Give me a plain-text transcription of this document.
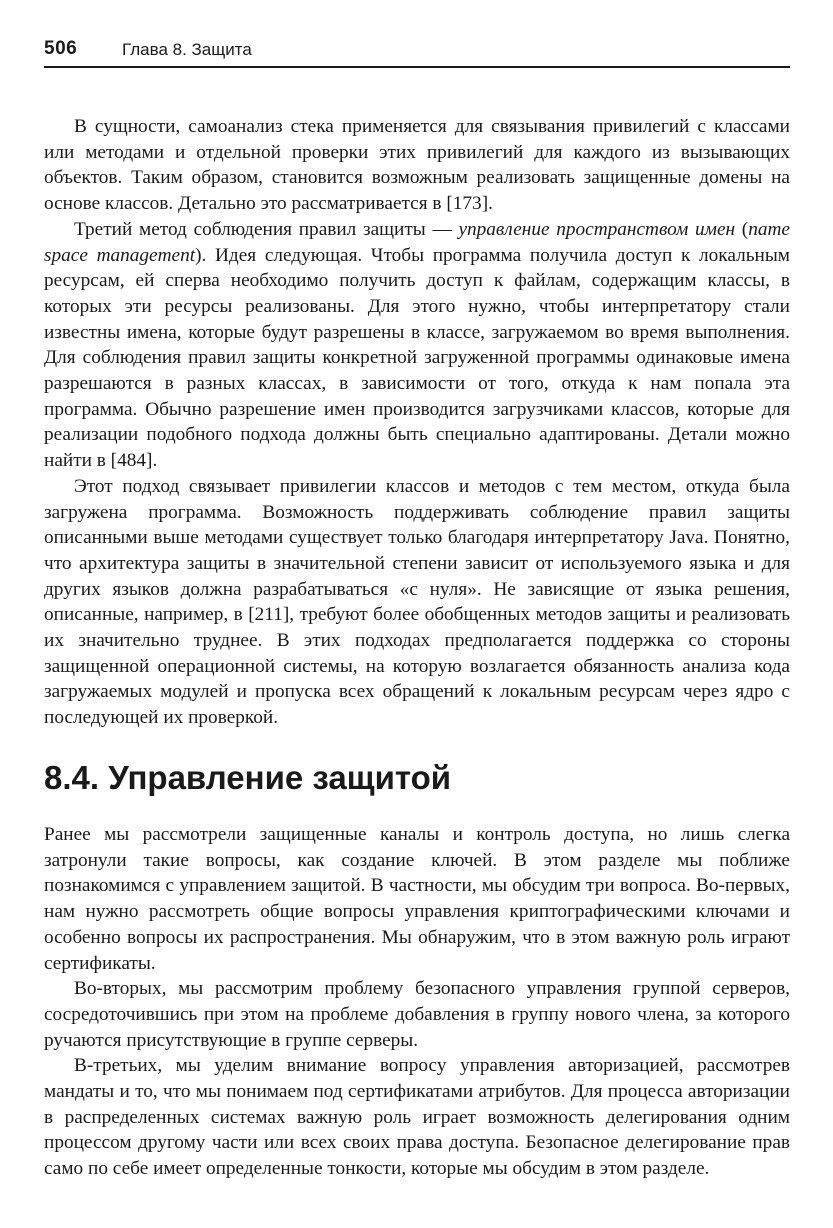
506	Глава 8. Защита

В сущности, самоанализ стека применяется для связывания привилегий с классами или методами и отдельной проверки этих привилегий для каждого из вызывающих объектов. Таким образом, становится возможным реализовать защищенные домены на основе классов. Детально это рассматривается в [173].

Третий метод соблюдения правил защиты — управление пространством имен (name space management). Идея следующая. Чтобы программа получила доступ к локальным ресурсам, ей сперва необходимо получить доступ к файлам, содержащим классы, в которых эти ресурсы реализованы. Для этого нужно, чтобы интерпретатору стали известны имена, которые будут разрешены в классе, загружаемом во время выполнения. Для соблюдения правил защиты конкретной загруженной программы одинаковые имена разрешаются в разных классах, в зависимости от того, откуда к нам попала эта программа. Обычно разрешение имен производится загрузчиками классов, которые для реализации подобного подхода должны быть специально адаптированы. Детали можно найти в [484].

Этот подход связывает привилегии классов и методов с тем местом, откуда была загружена программа. Возможность поддерживать соблюдение правил защиты описанными выше методами существует только благодаря интерпретатору Java. Понятно, что архитектура защиты в значительной степени зависит от используемого языка и для других языков должна разрабатываться «с нуля». Не зависящие от языка решения, описанные, например, в [211], требуют более обобщенных методов защиты и реализовать их значительно труднее. В этих подходах предполагается поддержка со стороны защищенной операционной системы, на которую возлагается обязанность анализа кода загружаемых модулей и пропуска всех обращений к локальным ресурсам через ядро с последующей их проверкой.

8.4. Управление защитой

Ранее мы рассмотрели защищенные каналы и контроль доступа, но лишь слегка затронули такие вопросы, как создание ключей. В этом разделе мы поближе познакомимся с управлением защитой. В частности, мы обсудим три вопроса. Во-первых, нам нужно рассмотреть общие вопросы управления криптографическими ключами и особенно вопросы их распространения. Мы обнаружим, что в этом важную роль играют сертификаты.

Во-вторых, мы рассмотрим проблему безопасного управления группой серверов, сосредоточившись при этом на проблеме добавления в группу нового члена, за которого ручаются присутствующие в группе серверы.

В-третьих, мы уделим внимание вопросу управления авторизацией, рассмотрев мандаты и то, что мы понимаем под сертификатами атрибутов. Для процесса авторизации в распределенных системах важную роль играет возможность делегирования одним процессом другому части или всех своих права доступа. Безопасное делегирование прав само по себе имеет определенные тонкости, которые мы обсудим в этом разделе.
